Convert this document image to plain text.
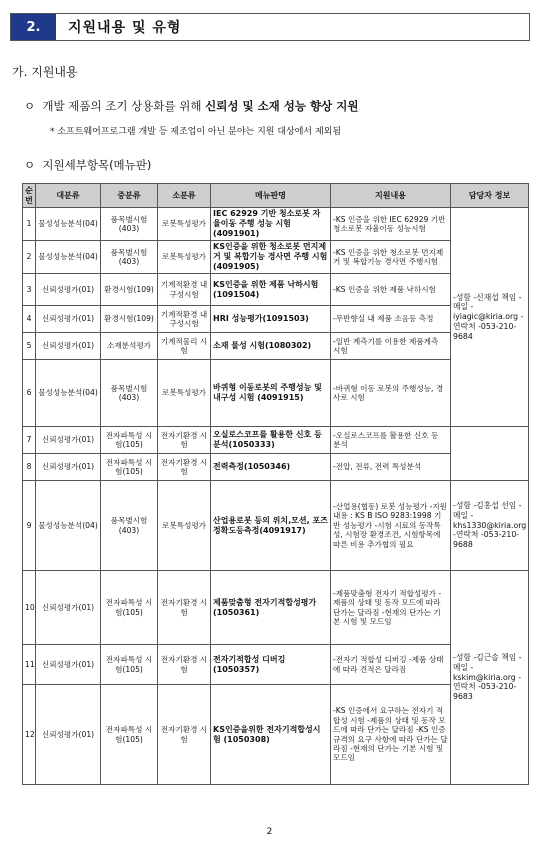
2.	지원내용 및 유형
가. 지원내용
ㅇ 개발 제품의 조기 상용화를 위해 신뢰성 및 소재 성능 향상 지원
* 소프트웨어프로그램 개발 등 제조업이 아닌 분야는 지원 대상에서 제외됨
ㅇ 지원세부항목(메뉴판)
순번	대분류	중분류	소분류	메뉴판명	지원내용	담당자 정보
1	물성성능분석(04)	품목별시험(403)	로봇특성평가	IEC 62929 기반 청소로봇 자율이동 주행 성능 시험 (4091901)	-KS 인증을 위한 IEC 62929 기반 청소로봇 자율이동 성능시험	-성함 -신재섭 책임 -메일 -iyiagic@kiria.org -연락처 -053-210-9684
2	물성성능분석(04)	품목별시험(403)	로봇특성평가	KS인증을 위한 청소로봇 먼지제거 및 복합기능 경사면 주행 시험(4091905)	-KS 인증을 위한 청소로봇 먼지제거 및 복합기능 경사면 주행시험	
3	신뢰성평가(01)	환경시험(109)	기계적환경 내구성시험	KS인증을 위한 제품 낙하시험(1091504)	-KS 인증을 위한 제품 낙하시험	
4	신뢰성평가(01)	환경시험(109)	기계적환경 내구성시험	HRI 성능평가(1091503)	-무반향실 내 제품 소음등 측정	
5	신뢰성평가(01)	소재분석평가	기계적물리 시험	소재 물성 시험(1080302)	-일반 계측기를 이용한 제품계측 시험	
6	물성성능분석(04)	품목별시험(403)	로봇특성평가	바퀴형 이동로봇의 주행성능 및 내구성 시험 (4091915)	-바퀴형 이동 로봇의 주행성능, 경사로 시험	
7	신뢰성평가(01)	전자파특성 시험(105)	전자기환경 시험	오실로스코프를 활용한 신호 등 분석(1050333)	-오실로스코프를 활용한 신호 등 분석	
8	신뢰성평가(01)	전자파특성 시험(105)	전자기환경 시험	전력측정(1050346)	-전압, 전류, 전력 특성분석	
9	물성성능분석(04)	품목별시험(403)	로봇특성평가	산업용로봇 등의 위치,모션, 포즈정확도등측정(4091917)	-산업용(협동) 로봇 성능평가 -지원내용 : KS B ISO 9283:1998 기반 성능평가 -시험 시료의 동작특성, 시험장 환경조건, 시험항목에 따른 비용 추가협의 필요	-성함 -김홍섭 선임 -메일 -khs1330@kiria.org -연락처 -053-210-9688
10	신뢰성평가(01)	전자파특성 시험(105)	전자기환경 시험	제품맞춤형 전자기적합성평가 (1050361)	-제품맞춤형 전자기 적합성평가 -제품의 상태 및 동작 모드에 따라 단가는 달라짐 -현재의 단가는 기본 시험 및 모드임	-성함 -김근솔 책임 -메일 -kskim@kiria.org -연락처 -053-210-9683
11	신뢰성평가(01)	전자파특성 시험(105)	전자기환경 시험	전자기적합성 디버깅(1050357)	-전자기 적합성 디버깅 -제품 상태에 따라 견적은 달라짐	
12	신뢰성평가(01)	전자파특성 시험(105)	전자기환경 시험	KS인증을위한 전자기적합성시험 (1050308)	-KS 인증에서 요구하는 전자기 적합성 시험 -제품의 상태 및 동작 모드에 따라 단가는 달라짐 -KS 인증 규격의 요구 사항에 따라 단가는 달라짐 -현재의 단가는 기본 시험 및 모드임	
2
